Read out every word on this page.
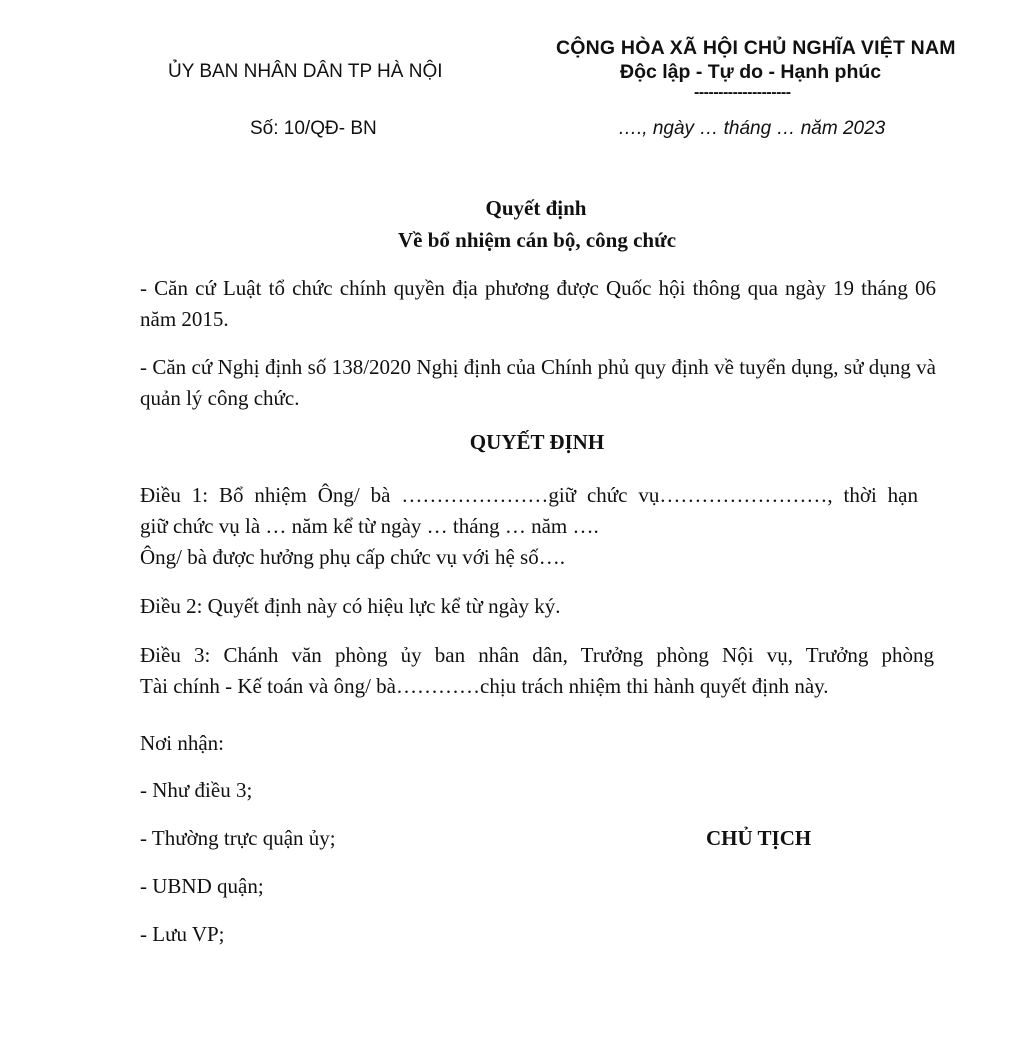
ỦY BAN NHÂN DÂN TP HÀ NỘI
CỘNG HÒA XÃ HỘI CHỦ NGHĨA VIỆT NAM
Độc lập - Tự do - Hạnh phúc
--------------------
Số: 10/QĐ- BN	…., ngày … tháng … năm 2023
Quyết định
Về bổ nhiệm cán bộ, công chức
- Căn cứ Luật tổ chức chính quyền địa phương được Quốc hội thông qua ngày 19 tháng 06 năm 2015.
- Căn cứ Nghị định số 138/2020 Nghị định của Chính phủ quy định về tuyển dụng, sử dụng và quản lý công chức.
QUYẾT ĐỊNH
Điều 1: Bổ nhiệm Ông/ bà …………………giữ chức vụ……………………, thời hạn
giữ chức vụ là … năm kể từ ngày … tháng … năm ….
Ông/ bà được hưởng phụ cấp chức vụ với hệ số….
Điều 2: Quyết định này có hiệu lực kể từ ngày ký.
Điều 3: Chánh văn phòng ủy ban nhân dân, Trưởng phòng Nội vụ, Trưởng phòng
Tài chính - Kế toán và ông/ bà…………chịu trách nhiệm thi hành quyết định này.
Nơi nhận:
- Như điều 3;
- Thường trực quận ủy;
- UBND quận;
- Lưu VP;
CHỦ TỊCH
